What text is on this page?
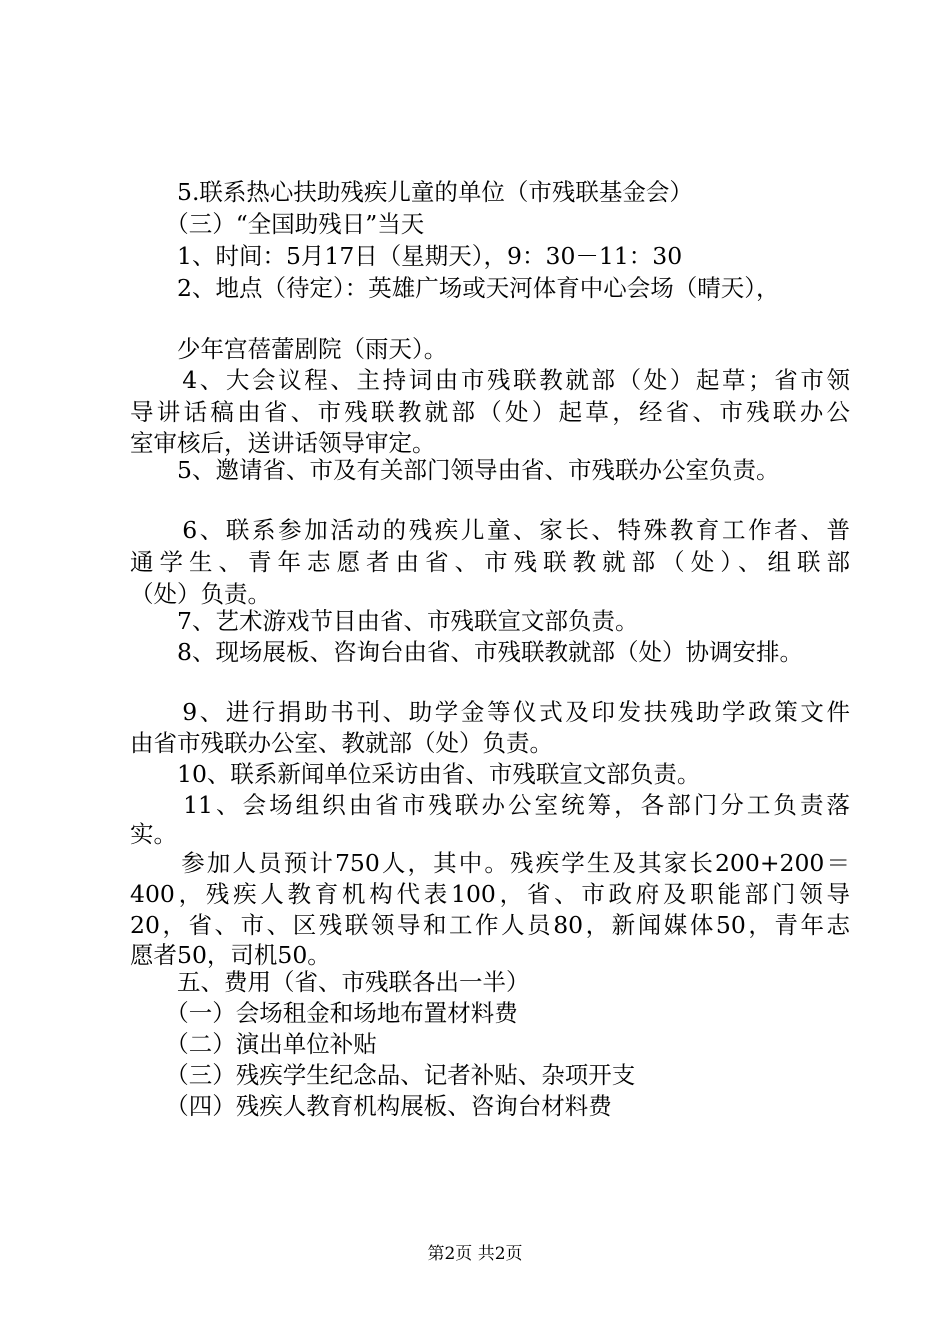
　　5.联系热心扶助残疾儿童的单位（市残联基金会）
　　（三）“全国助残日”当天
　　1、时间：5月17日（星期天），9：30－11：30
　　2、地点（待定）：英雄广场或天河体育中心会场（晴天），
　　少年宫蓓蕾剧院（雨天）。
　　4、大会议程、主持词由市残联教就部（处）起草；省市领
导讲话稿由省、市残联教就部（处）起草，经省、市残联办公
室审核后，送讲话领导审定。
　　5、邀请省、市及有关部门领导由省、市残联办公室负责。
　　6、联系参加活动的残疾儿童、家长、特殊教育工作者、普
通学生、青年志愿者由省、市残联教就部（处）、组联部
（处）负责。
　　7、艺术游戏节目由省、市残联宣文部负责。
　　8、现场展板、咨询台由省、市残联教就部（处）协调安排。
　　9、进行捐助书刊、助学金等仪式及印发扶残助学政策文件
由省市残联办公室、教就部（处）负责。
　　10、联系新闻单位采访由省、市残联宣文部负责。
　　11、会场组织由省市残联办公室统筹，各部门分工负责落
实。
　　参加人员预计750人，其中。残疾学生及其家长200+200＝
400，残疾人教育机构代表100，省、市政府及职能部门领导
20，省、市、区残联领导和工作人员80，新闻媒体50，青年志
愿者50，司机50。
　　五、费用（省、市残联各出一半）
　　（一）会场租金和场地布置材料费
　　（二）演出单位补贴
　　（三）残疾学生纪念品、记者补贴、杂项开支
　　（四）残疾人教育机构展板、咨询台材料费
第2页 共2页
